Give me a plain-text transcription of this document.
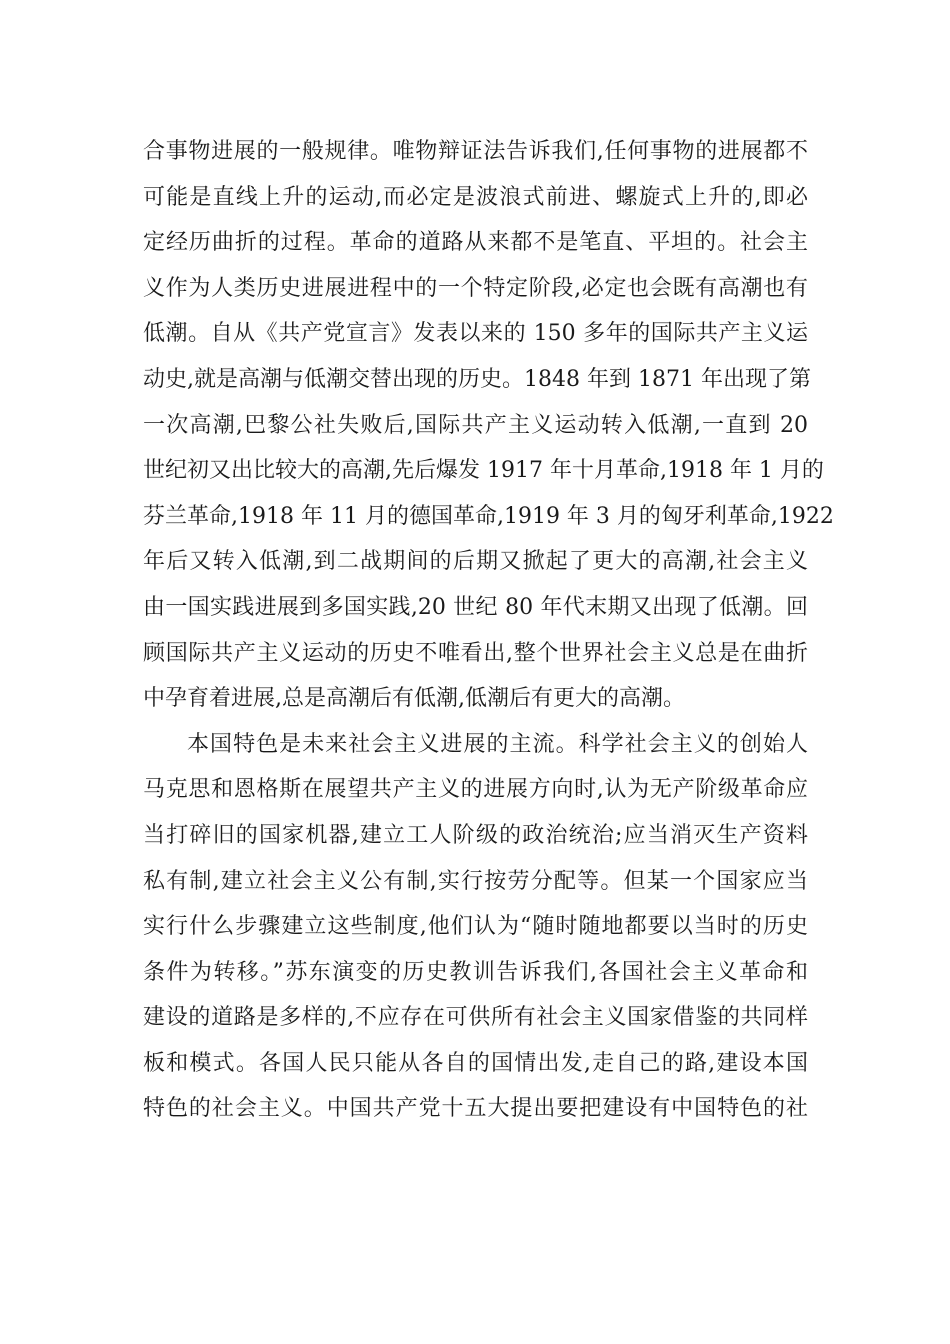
合事物进展的一般规律。唯物辩证法告诉我们,任何事物的进展都不
可能是直线上升的运动,而必定是波浪式前进、螺旋式上升的,即必
定经历曲折的过程。革命的道路从来都不是笔直、平坦的。社会主
义作为人类历史进展进程中的一个特定阶段,必定也会既有高潮也有
低潮。自从《共产党宣言》发表以来的 150 多年的国际共产主义运
动史,就是高潮与低潮交替出现的历史。1848 年到 1871 年出现了第
一次高潮,巴黎公社失败后,国际共产主义运动转入低潮,一直到 20
世纪初又出比较大的高潮,先后爆发 1917 年十月革命,1918 年 1 月的
芬兰革命,1918 年 11 月的德国革命,1919 年 3 月的匈牙利革命,1922
年后又转入低潮,到二战期间的后期又掀起了更大的高潮,社会主义
由一国实践进展到多国实践,20 世纪 80 年代末期又出现了低潮。回
顾国际共产主义运动的历史不唯看出,整个世界社会主义总是在曲折
中孕育着进展,总是高潮后有低潮,低潮后有更大的高潮。
本国特色是未来社会主义进展的主流。科学社会主义的创始人
马克思和恩格斯在展望共产主义的进展方向时,认为无产阶级革命应
当打碎旧的国家机器,建立工人阶级的政治统治;应当消灭生产资料
私有制,建立社会主义公有制,实行按劳分配等。但某一个国家应当
实行什么步骤建立这些制度,他们认为“随时随地都要以当时的历史
条件为转移。”苏东演变的历史教训告诉我们,各国社会主义革命和
建设的道路是多样的,不应存在可供所有社会主义国家借鉴的共同样
板和模式。各国人民只能从各自的国情出发,走自己的路,建设本国
特色的社会主义。中国共产党十五大提出要把建设有中国特色的社
